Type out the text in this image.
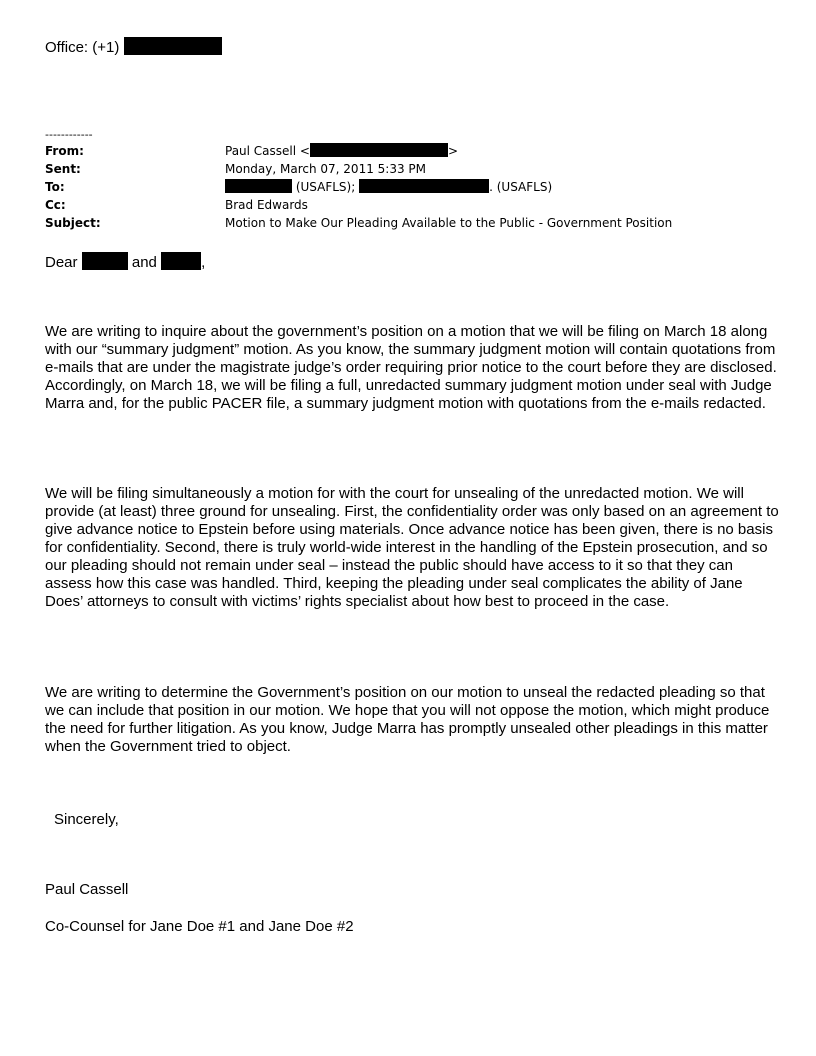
Office: (+1)
------------
From:	Paul Cassell <	>
Sent:	Monday, March 07, 2011 5:33 PM
To:	(USAFLS);	. (USAFLS)
Cc:	Brad Edwards
Subject:	Motion to Make Our Pleading Available to the Public - Government Position
Dear	and	,

We are writing to inquire about the government’s position on a motion that we will be filing on March 18 along with our “summary judgment” motion. As you know, the summary judgment motion will contain quotations from e-mails that are under the magistrate judge’s order requiring prior notice to the court before they are disclosed. Accordingly, on March 18, we will be filing a full, unredacted summary judgment motion under seal with Judge Marra and, for the public PACER file, a summary judgment motion with quotations from the e-mails redacted.

We will be filing simultaneously a motion for with the court for unsealing of the unredacted motion. We will provide (at least) three ground for unsealing. First, the confidentiality order was only based on an agreement to give advance notice to Epstein before using materials. Once advance notice has been given, there is no basis for confidentiality. Second, there is truly world-wide interest in the handling of the Epstein prosecution, and so our pleading should not remain under seal – instead the public should have access to it so that they can assess how this case was handled. Third, keeping the pleading under seal complicates the ability of Jane Does’ attorneys to consult with victims’ rights specialist about how best to proceed in the case.

We are writing to determine the Government’s position on our motion to unseal the redacted pleading so that we can include that position in our motion. We hope that you will not oppose the motion, which might produce the need for further litigation. As you know, Judge Marra has promptly unsealed other pleadings in this matter when the Government tried to object.

Sincerely,
Paul Cassell
Co-Counsel for Jane Doe #1 and Jane Doe #2
